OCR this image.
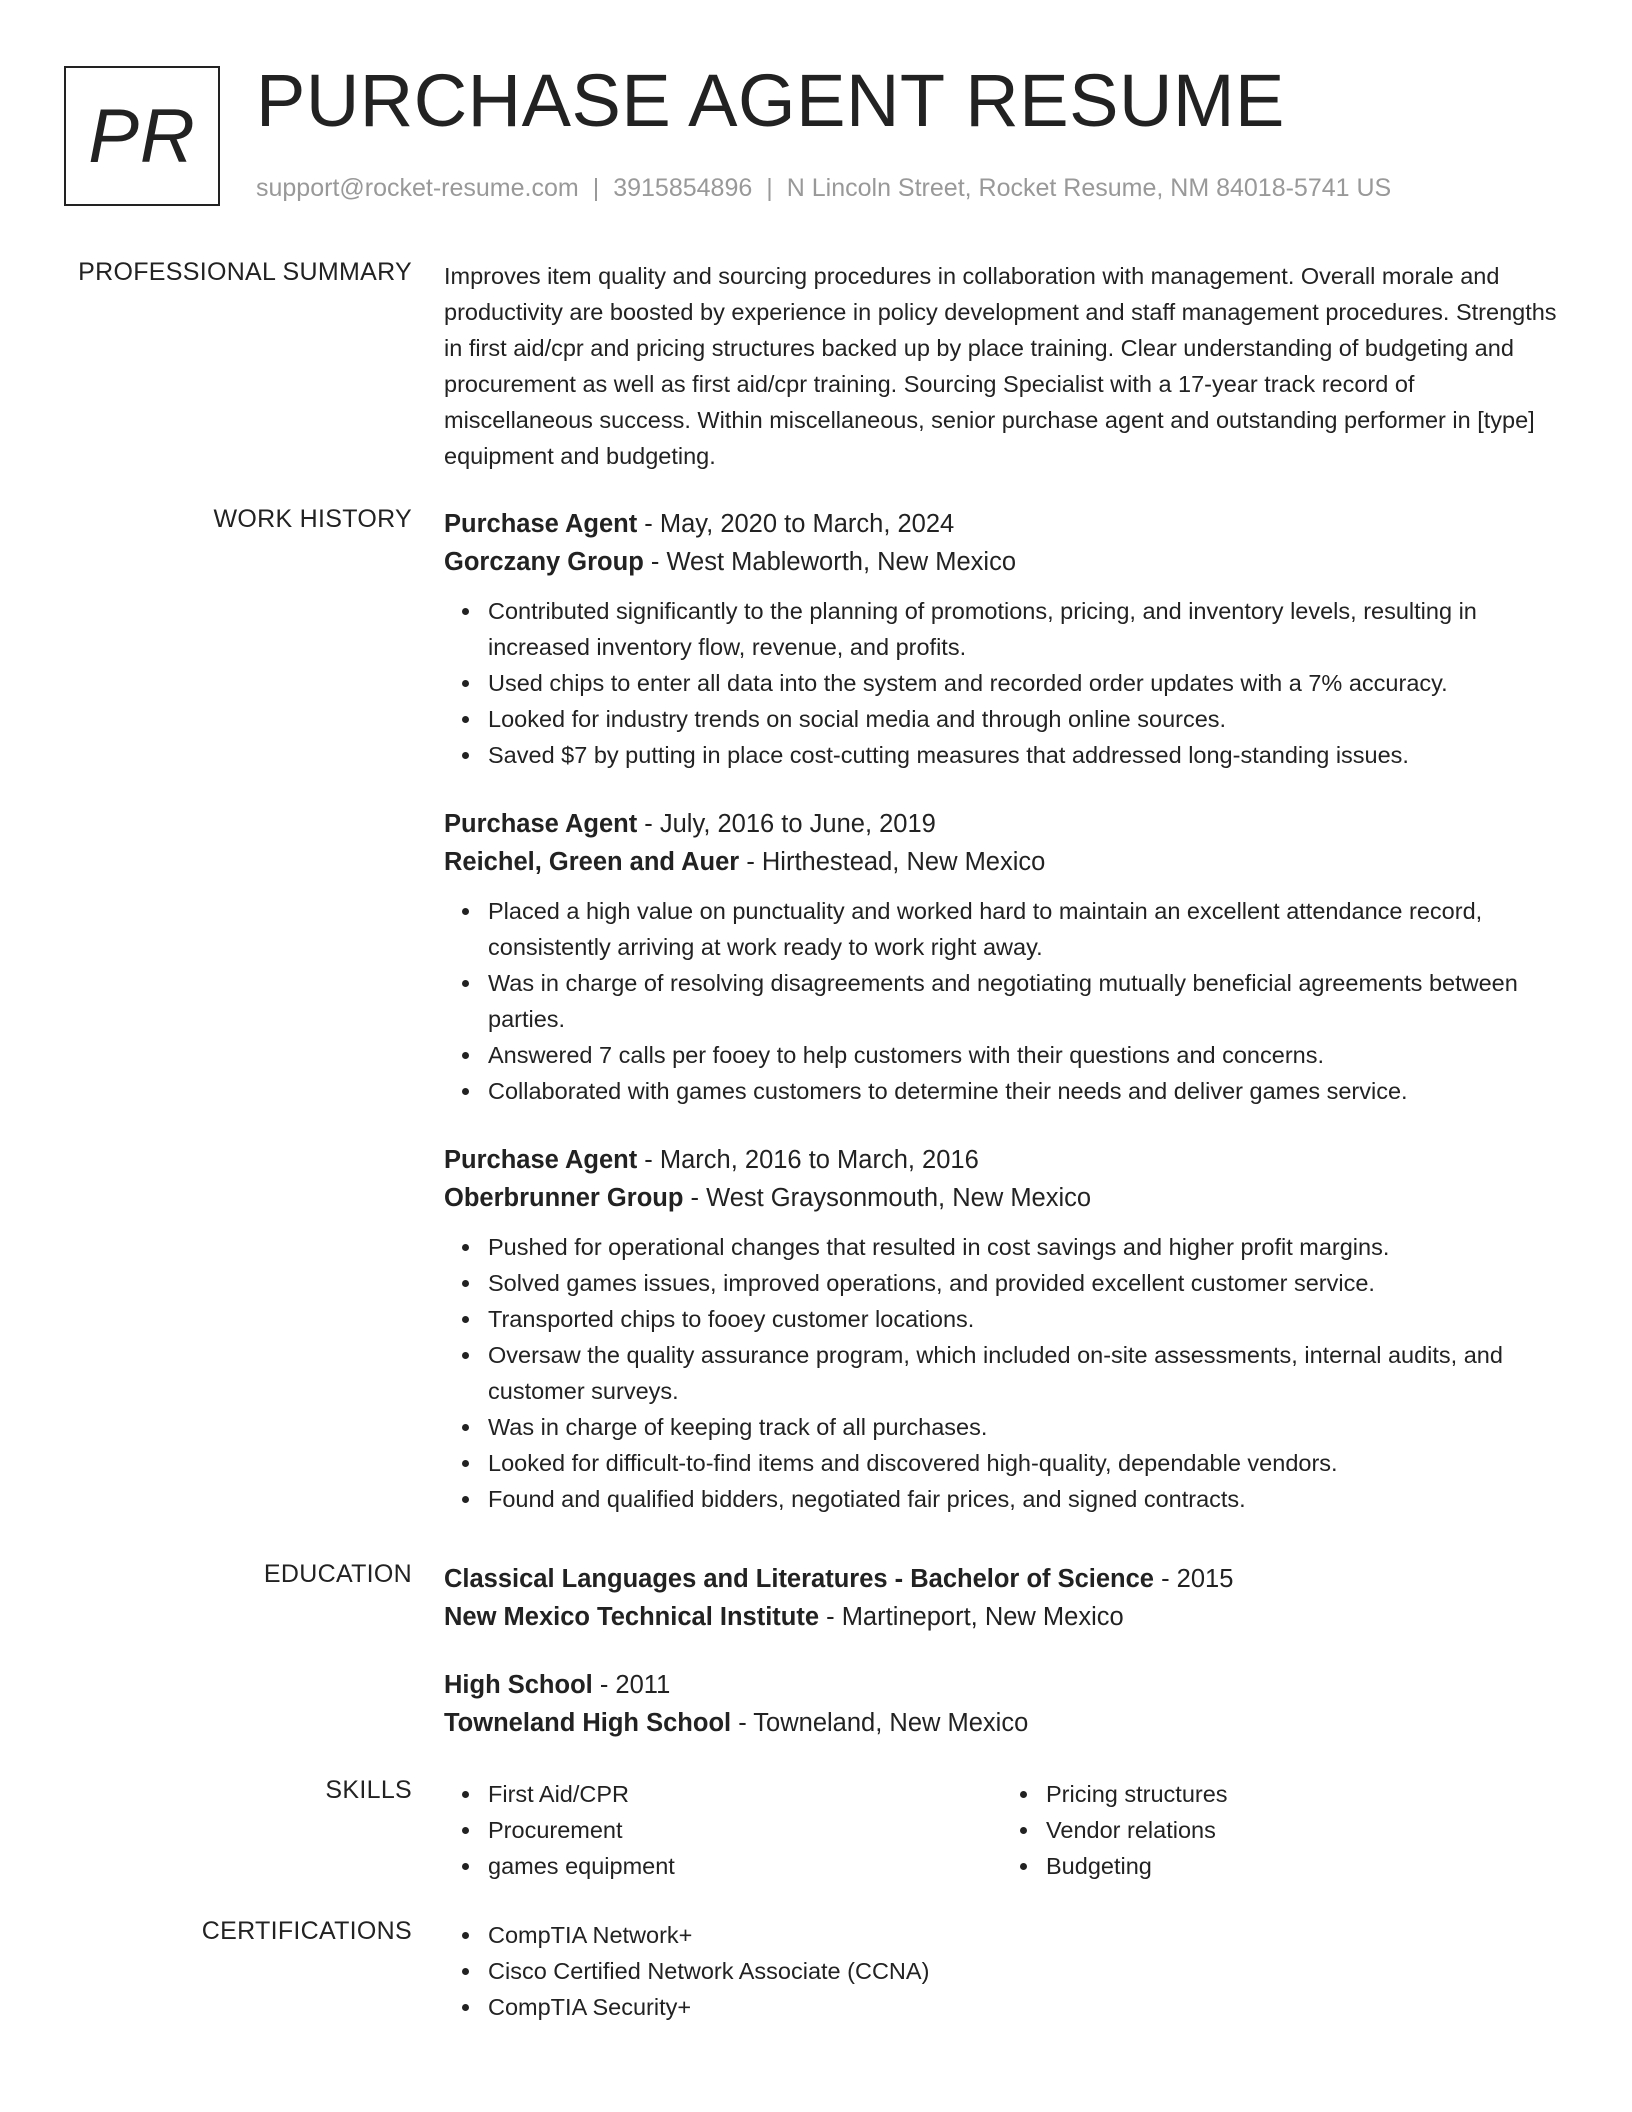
PR PURCHASE AGENT RESUME
support@rocket-resume.com | 3915854896 | N Lincoln Street, Rocket Resume, NM 84018-5741 US
PROFESSIONAL SUMMARY Improves item quality and sourcing procedures in collaboration with management. Overall morale and productivity are boosted by experience in policy development and staff management procedures. Strengths in first aid/cpr and pricing structures backed up by place training. Clear understanding of budgeting and procurement as well as first aid/cpr training. Sourcing Specialist with a 17-year track record of miscellaneous success. Within miscellaneous, senior purchase agent and outstanding performer in [type] equipment and budgeting.

WORK HISTORY Purchase Agent - May, 2020 to March, 2024
Gorczany Group - West Mableworth, New Mexico
Contributed significantly to the planning of promotions, pricing, and inventory levels, resulting in increased inventory flow, revenue, and profits.
Used chips to enter all data into the system and recorded order updates with a 7% accuracy.
Looked for industry trends on social media and through online sources.
Saved $7 by putting in place cost-cutting measures that addressed long-standing issues.
Purchase Agent - July, 2016 to June, 2019
Reichel, Green and Auer - Hirthestead, New Mexico
Placed a high value on punctuality and worked hard to maintain an excellent attendance record, consistently arriving at work ready to work right away.
Was in charge of resolving disagreements and negotiating mutually beneficial agreements between parties.
Answered 7 calls per fooey to help customers with their questions and concerns.
Collaborated with games customers to determine their needs and deliver games service.
Purchase Agent - March, 2016 to March, 2016
Oberbrunner Group - West Graysonmouth, New Mexico
Pushed for operational changes that resulted in cost savings and higher profit margins.
Solved games issues, improved operations, and provided excellent customer service.
Transported chips to fooey customer locations.
Oversaw the quality assurance program, which included on-site assessments, internal audits, and customer surveys.
Was in charge of keeping track of all purchases.
Looked for difficult-to-find items and discovered high-quality, dependable vendors.
Found and qualified bidders, negotiated fair prices, and signed contracts.
EDUCATION Classical Languages and Literatures - Bachelor of Science - 2015
New Mexico Technical Institute - Martineport, New Mexico
High School - 2011
Towneland High School - Towneland, New Mexico
SKILLS	First Aid/CPR
Procurement
games equipment
Pricing structures
Vendor relations
Budgeting
CERTIFICATIONS	CompTIA Network+
Cisco Certified Network Associate (CCNA)
CompTIA Security+
